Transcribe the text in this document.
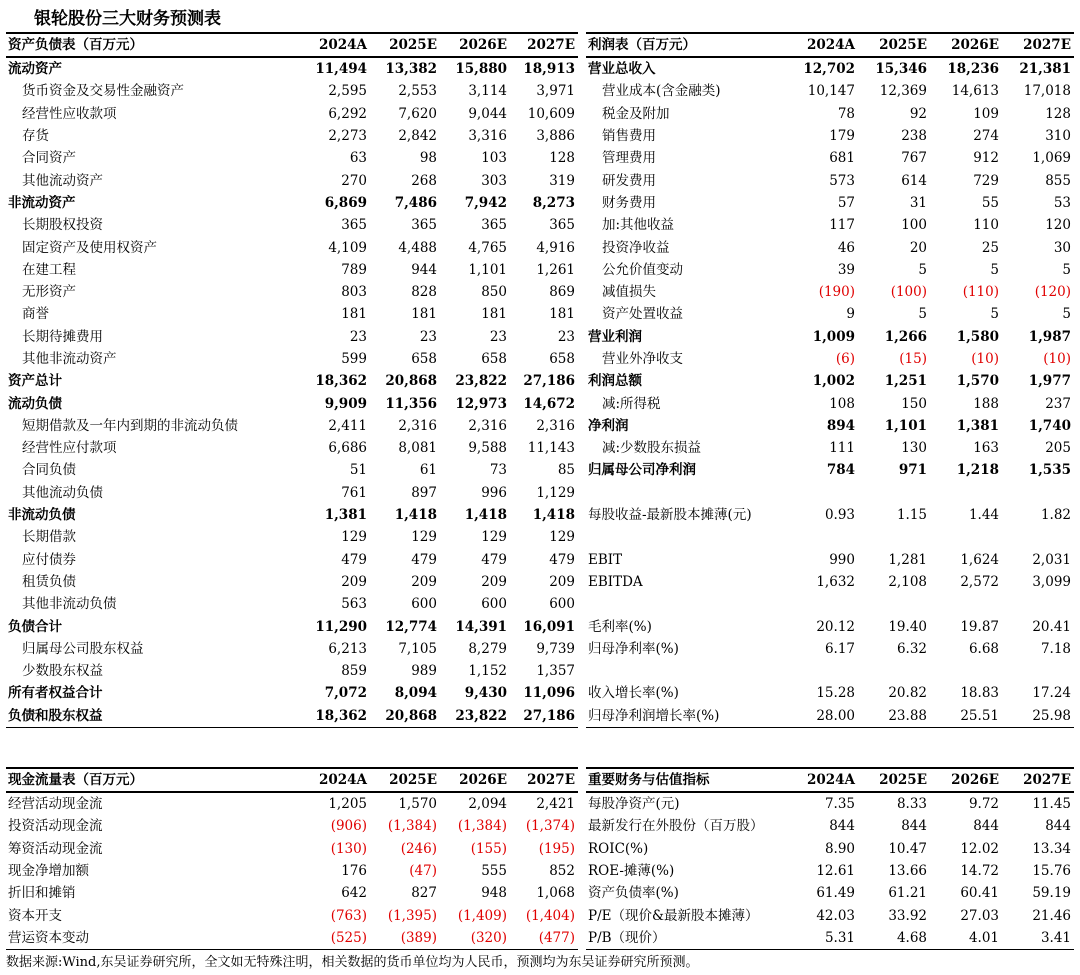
银轮股份三大财务预测表
资产负债表（百万元）	2024A	2025E	2026E	2027E
流动资产	11,494	13,382	15,880	18,913
货币资金及交易性金融资产	2,595	2,553	3,114	3,971
经营性应收款项	6,292	7,620	9,044	10,609
存货	2,273	2,842	3,316	3,886
合同资产	63	98	103	128
其他流动资产	270	268	303	319
非流动资产	6,869	7,486	7,942	8,273
长期股权投资	365	365	365	365
固定资产及使用权资产	4,109	4,488	4,765	4,916
在建工程	789	944	1,101	1,261
无形资产	803	828	850	869
商誉	181	181	181	181
长期待摊费用	23	23	23	23
其他非流动资产	599	658	658	658
资产总计	18,362	20,868	23,822	27,186
流动负债	9,909	11,356	12,973	14,672
短期借款及一年内到期的非流动负债	2,411	2,316	2,316	2,316
经营性应付款项	6,686	8,081	9,588	11,143
合同负债	51	61	73	85
其他流动负债	761	897	996	1,129
非流动负债	1,381	1,418	1,418	1,418
长期借款	129	129	129	129
应付债券	479	479	479	479
租赁负债	209	209	209	209
其他非流动负债	563	600	600	600
负债合计	11,290	12,774	14,391	16,091
归属母公司股东权益	6,213	7,105	8,279	9,739
少数股东权益	859	989	1,152	1,357
所有者权益合计	7,072	8,094	9,430	11,096
负债和股东权益	18,362	20,868	23,822	27,186
利润表（百万元）	2024A	2025E	2026E	2027E
营业总收入	12,702	15,346	18,236	21,381
营业成本(含金融类)	10,147	12,369	14,613	17,018
税金及附加	78	92	109	128
销售费用	179	238	274	310
管理费用	681	767	912	1,069
研发费用	573	614	729	855
财务费用	57	31	55	53
加:其他收益	117	100	110	120
投资净收益	46	20	25	30
公允价值变动	39	5	5	5
减值损失	(190)	(100)	(110)	(120)
资产处置收益	9	5	5	5
营业利润	1,009	1,266	1,580	1,987
营业外净收支	(6)	(15)	(10)	(10)
利润总额	1,002	1,251	1,570	1,977
减:所得税	108	150	188	237
净利润	894	1,101	1,381	1,740
减:少数股东损益	111	130	163	205
归属母公司净利润	784	971	1,218	1,535

每股收益-最新股本摊薄(元)	0.93	1.15	1.44	1.82

EBIT	990	1,281	1,624	2,031
EBITDA	1,632	2,108	2,572	3,099

毛利率(%)	20.12	19.40	19.87	20.41
归母净利率(%)	6.17	6.32	6.68	7.18

收入增长率(%)	15.28	20.82	18.83	17.24
归母净利润增长率(%)	28.00	23.88	25.51	25.98
现金流量表（百万元）	2024A	2025E	2026E	2027E
经营活动现金流	1,205	1,570	2,094	2,421
投资活动现金流	(906)	(1,384)	(1,384)	(1,374)
筹资活动现金流	(130)	(246)	(155)	(195)
现金净增加额	176	(47)	555	852
折旧和摊销	642	827	948	1,068
资本开支	(763)	(1,395)	(1,409)	(1,404)
营运资本变动	(525)	(389)	(320)	(477)
重要财务与估值指标	2024A	2025E	2026E	2027E
每股净资产(元)	7.35	8.33	9.72	11.45
最新发行在外股份（百万股）	844	844	844	844
ROIC(%)	8.90	10.47	12.02	13.34
ROE-摊薄(%)	12.61	13.66	14.72	15.76
资产负债率(%)	61.49	61.21	60.41	59.19
P/E（现价&最新股本摊薄）	42.03	33.92	27.03	21.46
P/B（现价）	5.31	4.68	4.01	3.41
数据来源:Wind,东吴证券研究所，全文如无特殊注明，相关数据的货币单位均为人民币，预测均为东吴证券研究所预测。
